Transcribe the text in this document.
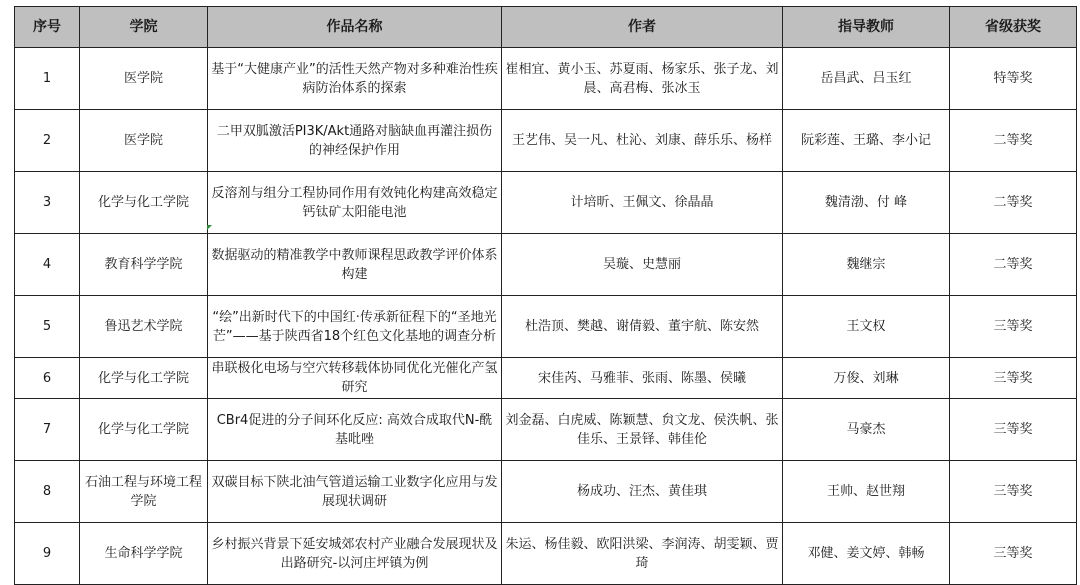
序号	学院	作品名称	作者	指导教师	省级获奖
1	医学院	基于“大健康产业”的活性天然产物对多种难治性疾病防治体系的探索	崔相宜、黄小玉、苏夏雨、杨家乐、张子龙、刘晨、高君梅、张冰玉	岳昌武、吕玉红	特等奖
2	医学院	二甲双胍激活PI3K/Akt通路对脑缺血再灌注损伤的神经保护作用	王艺伟、吴一凡、杜沁、刘康、薛乐乐、杨样	阮彩莲、王璐、李小记	二等奖
3	化学与化工学院	反溶剂与组分工程协同作用有效钝化构建高效稳定钙钛矿太阳能电池	计培昕、王佩文、徐晶晶	魏清渤、付 峰	二等奖
4	教育科学学院	数据驱动的精准教学中教师课程思政教学评价体系构建	吴璇、史慧丽	魏继宗	二等奖
5	鲁迅艺术学院	“绘”出新时代下的中国红·传承新征程下的“圣地光芒”——基于陕西省18个红色文化基地的调查分析	杜浩顶、樊越、谢倩毅、董宇航、陈安然	王文权	三等奖
6	化学与化工学院	串联极化电场与空穴转移载体协同优化光催化产氢研究	宋佳芮、马雅菲、张雨、陈墨、侯曦	万俊、刘琳	三等奖
7	化学与化工学院	CBr4促进的分子间环化反应: 高效合成取代N-酰基吡唑	刘金磊、白虎威、陈颖慧、贠文龙、侯泆帆、张佳乐、王景铎、韩佳伦	马豪杰	三等奖
8	石油工程与环境工程学院	双碳目标下陕北油气管道运输工业数字化应用与发展现状调研	杨成功、汪杰、黄佳琪	王帅、赵世翔	三等奖
9	生命科学学院	乡村振兴背景下延安城郊农村产业融合发展现状及出路研究-以河庄坪镇为例	朱运、杨佳毅、欧阳洪梁、李润涛、胡雯颖、贾琦	邓健、姜文婷、韩畅	三等奖
